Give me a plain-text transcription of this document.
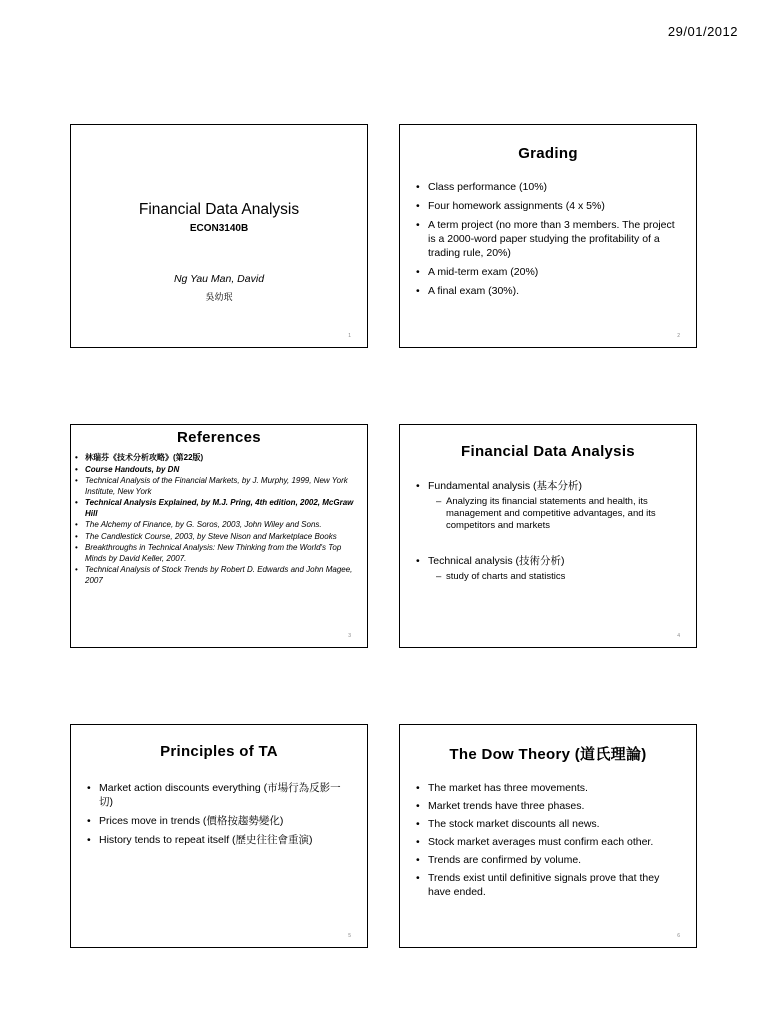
29/01/2012
Financial Data Analysis
ECON3140B
Ng Yau Man, David
吳幼珉
1
Grading
• Class performance (10%)
• Four homework assignments (4 x 5%)
• A term project (no more than 3 members. The project is a 2000-word paper studying the profitability of a trading rule, 20%)
• A mid-term exam (20%)
• A final exam (30%).
2
References
• 林瑞芬《技术分析攻略》(第22版)
• Course Handouts, by DN
• Technical Analysis of the Financial Markets, by J. Murphy, 1999, New York Institute, New York
• Technical Analysis Explained, by M.J. Pring, 4th edition, 2002, McGraw Hill
• The Alchemy of Finance, by G. Soros, 2003, John Wiley and Sons.
• The Candlestick Course, 2003, by Steve Nison and Marketplace Books
• Breakthroughs in Technical Analysis: New Thinking from the World's Top Minds by David Keller, 2007.
• Technical Analysis of Stock Trends by Robert D. Edwards and John Magee, 2007
3
Financial Data Analysis
• Fundamental analysis (基本分析)
– Analyzing its financial statements and health, its management and competitive advantages, and its competitors and markets
• Technical analysis (技術分析)
– study of charts and statistics
4
Principles of TA
• Market action discounts everything (市場行為反影一切)
• Prices move in trends (價格按趨勢變化)
• History tends to repeat itself (歷史往往會重演)
5
The Dow Theory (道氏理論)
• The market has three movements.
• Market trends have three phases.
• The stock market discounts all news.
• Stock market averages must confirm each other.
• Trends are confirmed by volume.
• Trends exist until definitive signals prove that they have ended.
6
